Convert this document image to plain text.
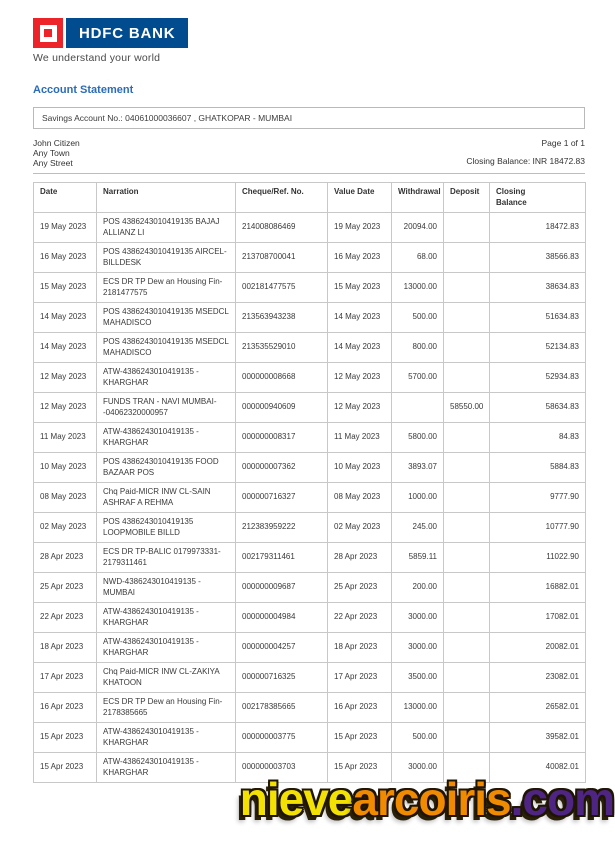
HDFC BANK
We understand your world
Account Statement
Savings Account No.: 04061000036607 , GHATKOPAR - MUMBAI
John Citizen
Any Town
Any Street
Page 1 of 1
Closing Balance: INR 18472.83
Date	Narration	Cheque/Ref. No.	Value Date	Withdrawal	Deposit	Closing Balance
19 May 2023	POS 4386243010419135 BAJAJ ALLIANZ LI	214008086469	19 May 2023	20094.00		18472.83
16 May 2023	POS 4386243010419135 AIRCEL-BILLDESK	213708700041	16 May 2023	68.00		38566.83
15 May 2023	ECS DR TP Dew an Housing Fin-2181477575	002181477575	15 May 2023	13000.00		38634.83
14 May 2023	POS 4386243010419135 MSEDCL MAHADISCO	213563943238	14 May 2023	500.00		51634.83
14 May 2023	POS 4386243010419135 MSEDCL MAHADISCO	213535529010	14 May 2023	800.00		52134.83
12 May 2023	ATW-4386243010419135 - KHARGHAR	000000008668	12 May 2023	5700.00		52934.83
12 May 2023	FUNDS TRAN - NAVI MUMBAI- -04062320000957	000000940609	12 May 2023		58550.00	58634.83
11 May 2023	ATW-4386243010419135 - KHARGHAR	000000008317	11 May 2023	5800.00		84.83
10 May 2023	POS 4386243010419135 FOOD BAZAAR POS	000000007362	10 May 2023	3893.07		5884.83
08 May 2023	Chq Paid-MICR INW CL-SAIN ASHRAF A REHMA	000000716327	08 May 2023	1000.00		9777.90
02 May 2023	POS 4386243010419135 LOOPMOBILE BILLD	212383959222	02 May 2023	245.00		10777.90
28 Apr 2023	ECS DR TP-BALIC 0179973331-2179311461	002179311461	28 Apr 2023	5859.11		11022.90
25 Apr 2023	NWD-4386243010419135 -MUMBAI	000000009687	25 Apr 2023	200.00		16882.01
22 Apr 2023	ATW-4386243010419135 - KHARGHAR	000000004984	22 Apr 2023	3000.00		17082.01
18 Apr 2023	ATW-4386243010419135 - KHARGHAR	000000004257	18 Apr 2023	3000.00		20082.01
17 Apr 2023	Chq Paid-MICR INW CL-ZAKIYA KHATOON	000000716325	17 Apr 2023	3500.00		23082.01
16 Apr 2023	ECS DR TP Dew an Housing Fin-2178385665	002178385665	16 Apr 2023	13000.00		26582.01
15 Apr 2023	ATW-4386243010419135 - KHARGHAR	000000003775	15 Apr 2023	500.00		39582.01
15 Apr 2023	ATW-4386243010419135 - KHARGHAR	000000003703	15 Apr 2023	3000.00		40082.01
nievearcoiris.com
